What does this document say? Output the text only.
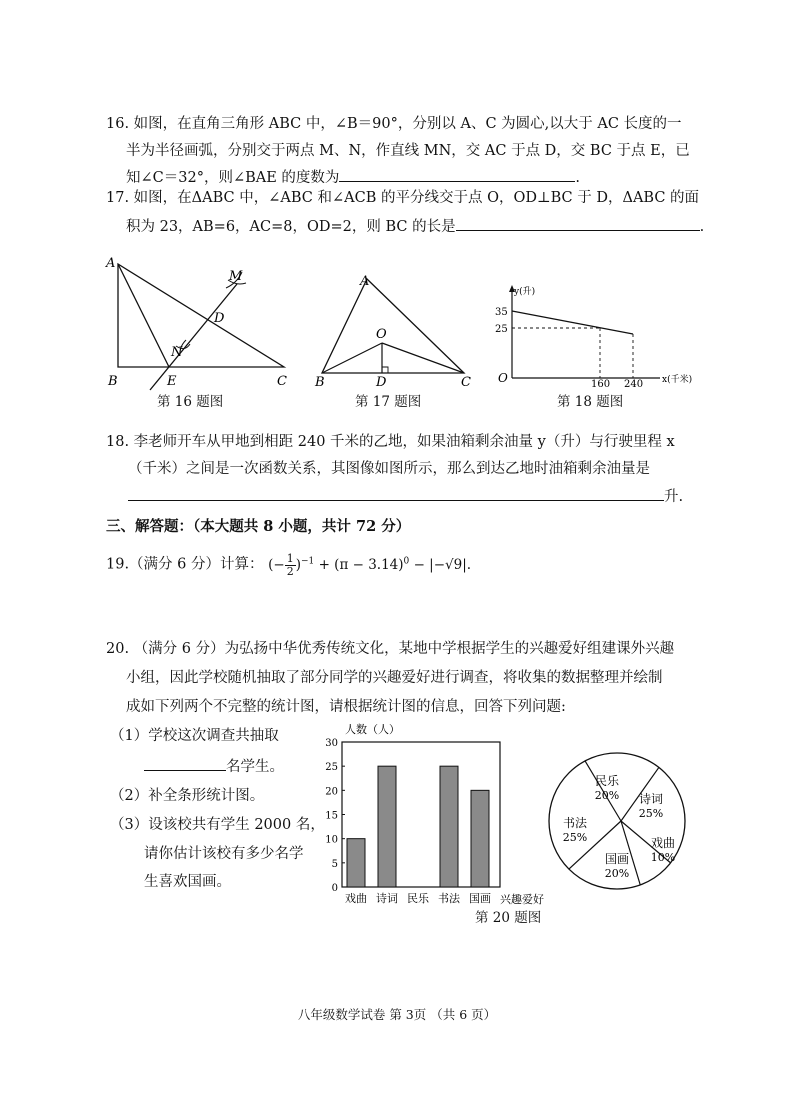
16. 如图，在直角三角形 ABC 中，∠B＝90°，分别以 A、C 为圆心,以大于 AC 长度的一
半为半径画弧，分别交于两点 M、N，作直线 MN，交 AC 于点 D，交 BC 于点 E，已
知∠C＝32°，则∠BAE 的度数为	.
17. 如图，在ΔABC 中，∠ABC 和∠ACB 的平分线交于点 O，OD⊥BC 于 D，ΔABC 的面
积为 23，AB=6，AC=8，OD=2，则 BC 的长是	.
A
B	C
D
E
M
N
第 16 题图
A
B	C
D
O
第 17 题图
y(升)
x(千米)
O
35
25
160 240
第 18 题图
18. 李老师开车从甲地到相距 240 千米的乙地，如果油箱剩余油量 y（升）与行驶里程 x
（千米）之间是一次函数关系，其图像如图所示，那么到达乙地时油箱剩余油量是
升.
三、解答题：（本大题共 8 小题，共计 72 分）
19.（满分 6 分）计算： (− $\frac{1}{2} )^{-1} + (\pi - 3.14)^0 - |-√9|$.
20. （满分 6 分）为弘扬中华优秀传统文化，某地中学根据学生的兴趣爱好组建课外兴趣
小组，因此学校随机抽取了部分同学的兴趣爱好进行调查，将收集的数据整理并绘制
成如下列两个不完整的统计图，请根据统计图的信息，回答下列问题:
（1）学校这次调查共抽取
名学生。
（2）补全条形统计图。
（3）设该校共有学生 2000 名，
请你估计该校有多少名学
生喜欢国画。
人数（人）
兴趣爱好
0
5
10
15
20
25
30
戏曲 诗词 民乐 书法 国画
第 20 题图
民乐
20% 诗词
25%
书法
25%
国画
20%
戏曲
10%
八年级数学试卷 第 3页 （共 6 页）
